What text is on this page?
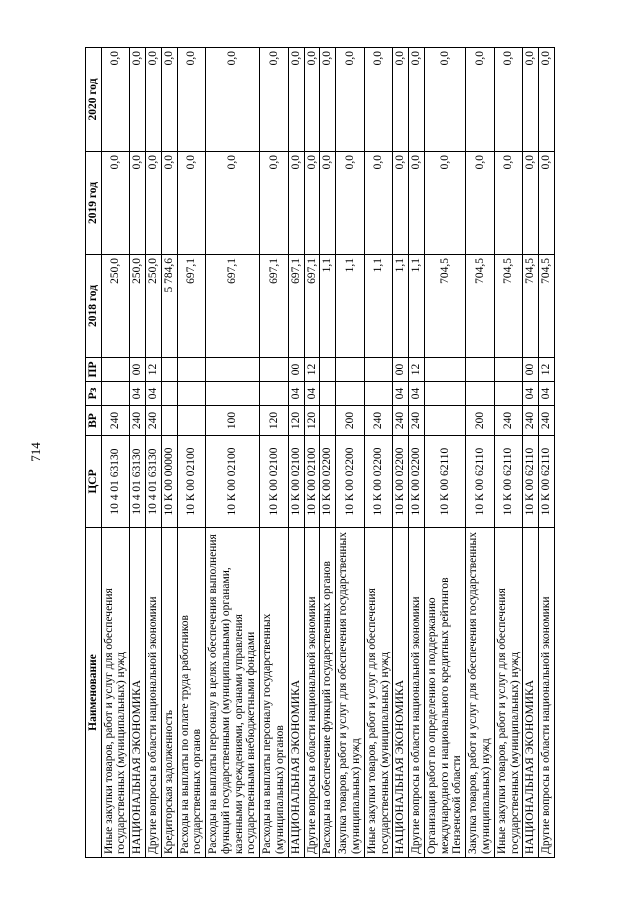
714
Наименование	ЦСР	ВР	Рз	ПР	2018 год	2019 год	2020 год
Иные закупки товаров, работ и услуг для обеспечения государственных (муниципальных) нужд	10 4 01 63130	240			250,0	0,0	0,0
НАЦИОНАЛЬНАЯ ЭКОНОМИКА	10 4 01 63130	240	04	00	250,0	0,0	0,0
Другие вопросы в области национальной экономики	10 4 01 63130	240	04	12	250,0	0,0	0,0
Кредиторская задолженность	10 К 00 00000				5 784,6	0,0	0,0
Расходы на выплаты по оплате труда работников государственных органов	10 К 00 02100				697,1	0,0	0,0
Расходы на выплаты персоналу в целях обеспечения выполнения функций государственными (муниципальными) органами, казенными учреждениями, органами управления государственными внебюджетными фондами	10 К 00 02100	100			697,1	0,0	0,0
Расходы на выплаты персоналу государственных (муниципальных) органов	10 К 00 02100	120			697,1	0,0	0,0
НАЦИОНАЛЬНАЯ ЭКОНОМИКА	10 К 00 02100	120	04	00	697,1	0,0	0,0
Другие вопросы в области национальной экономики	10 К 00 02100	120	04	12	697,1	0,0	0,0
Расходы на обеспечение функций государственных органов	10 К 00 02200				1,1	0,0	0,0
Закупка товаров, работ и услуг для обеспечения государственных (муниципальных) нужд	10 К 00 02200	200			1,1	0,0	0,0
Иные закупки товаров, работ и услуг для обеспечения государственных (муниципальных) нужд	10 К 00 02200	240			1,1	0,0	0,0
НАЦИОНАЛЬНАЯ ЭКОНОМИКА	10 К 00 02200	240	04	00	1,1	0,0	0,0
Другие вопросы в области национальной экономики	10 К 00 02200	240	04	12	1,1	0,0	0,0
Организация работ по определению и поддержанию международного и национального кредитных рейтингов Пензенской области	10 К 00 62110				704,5	0,0	0,0
Закупка товаров, работ и услуг для обеспечения государственных (муниципальных) нужд	10 К 00 62110	200			704,5	0,0	0,0
Иные закупки товаров, работ и услуг для обеспечения государственных (муниципальных) нужд	10 К 00 62110	240			704,5	0,0	0,0
НАЦИОНАЛЬНАЯ ЭКОНОМИКА	10 К 00 62110	240	04	00	704,5	0,0	0,0
Другие вопросы в области национальной экономики	10 К 00 62110	240	04	12	704,5	0,0	0,0
